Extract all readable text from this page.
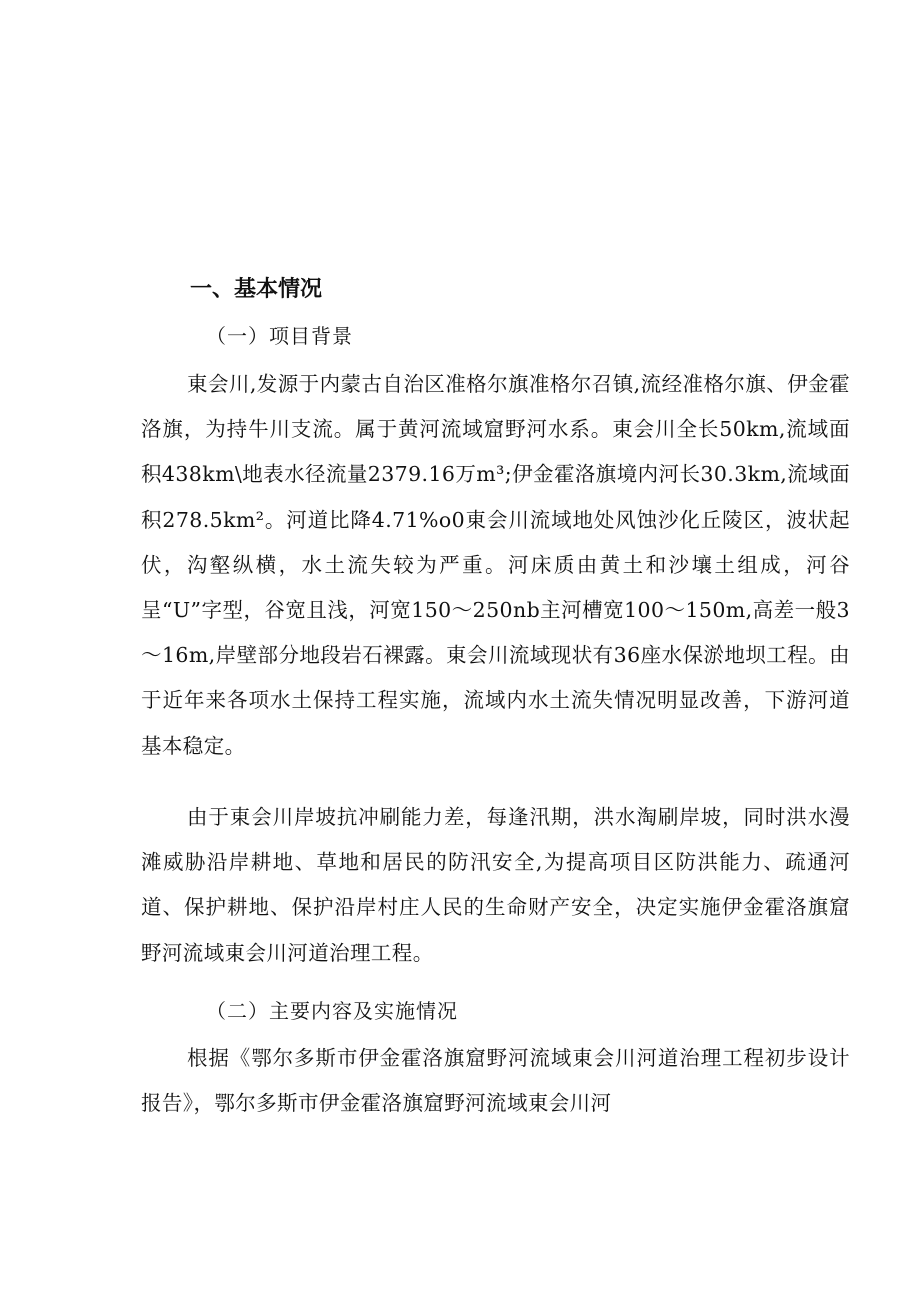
一、基本情况

（一）项目背景

東会川,发源于内蒙古自治区准格尔旗准格尔召镇,流经准格尔旗、伊金霍洛旗，为持牛川支流。属于黄河流域窟野河水系。東会川全长50km,流域面积438km\地表水径流量2379.16万m³;伊金霍洛旗境内河长30.3km,流域面积278.5km²。河道比降4.71%o0東会川流域地处风蚀沙化丘陵区，波状起伏，沟壑纵横，水土流失较为严重。河床质由黄土和沙壤土组成，河谷呈“U”字型，谷宽且浅，河宽150～250nb主河槽宽100～150m,高差一般3～16m,岸壁部分地段岩石裸露。東会川流域现状有36座水保淤地坝工程。由于近年来各项水土保持工程实施，流域内水土流失情况明显改善，下游河道基本稳定。

由于東会川岸坡抗冲刷能力差，每逢汛期，洪水淘刷岸坡，同时洪水漫滩威胁沿岸耕地、草地和居民的防汛安全,为提高项目区防洪能力、疏通河道、保护耕地、保护沿岸村庄人民的生命财产安全，决定实施伊金霍洛旗窟野河流域東会川河道治理工程。

（二）主要内容及实施情况

根据《鄂尔多斯市伊金霍洛旗窟野河流域東会川河道治理工程初步设计报告》，鄂尔多斯市伊金霍洛旗窟野河流域東会川河
